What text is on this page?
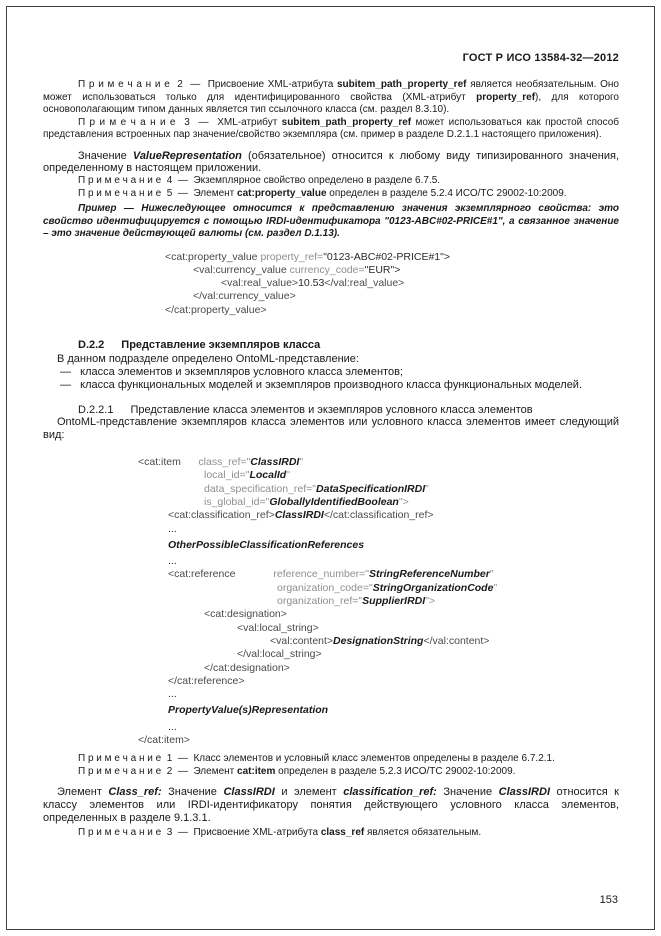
ГОСТ Р ИСО 13584-32—2012

П р и м е ч а н и е  2  —  Присвоение XML-атрибута subitem_path_property_ref является необязательным. Оно может использоваться только для идентифицированного свойства (XML-атрибут property_ref), для которого основополагающим типом данных является тип ссылочного класса (см. раздел 8.3.10).

П р и м е ч а н и е  3  —  XML-атрибут subitem_path_property_ref может использоваться как простой способ представления встроенных пар значение/свойство экземпляра (см. пример в разделе D.2.1.1 настоящего приложения).

Значение ValueRepresentation (обязательное) относится к любому виду типизированного значения, определенному в настоящем приложении.

П р и м е ч а н и е  4  —  Экземплярное свойство определено в разделе 6.7.5.

П р и м е ч а н и е  5  —  Элемент cat:property_value определен в разделе 5.2.4 ИСО/ТС 29002-10:2009.

Пример — Нижеследующее относится к представлению значения экземплярного свойства: это свойство идентифицируется с помощью IRDI-идентификатора "0123-ABC#02-PRICE#1", а связанное значение – это значение действующей валюты (см. раздел D.1.13).

<cat:property_value property_ref="0123-ABC#02-PRICE#1">
<val:currency_value currency_code="EUR">
<val:real_value>10.53</val:real_value>
</val:currency_value>
</cat:property_value>
D.2.2 Представление экземпляров класса

В данном подразделе определено OntoML-представление:

—   класса элементов и экземпляров условного класса элементов;

—   класса функциональных моделей и экземпляров производного класса функциональных моделей.

D.2.2.1 Представление класса элементов и экземпляров условного класса элементов

OntoML-представление экземпляров класса элементов или условного класса элементов имеет следующий вид:

<cat:item class_ref="ClassIRDI"
local_id="LocalId"
data_specification_ref="DataSpecificationIRDI"
is_global_id="GloballyIdentifiedBoolean">
<cat:classification_ref>ClassIRDI</cat:classification_ref>
...
OtherPossibleClassificationReferences
...
<cat:reference	reference_number="StringReferenceNumber"
organization_code="StringOrganizationCode"
organization_ref="SupplierIRDI">
<cat:designation>
<val:local_string>
<val:content>DesignationString</val:content>
</val:local_string>
</cat:designation>
</cat:reference>
...
PropertyValue(s)Representation
...
</cat:item>

П р и м е ч а н и е  1  —  Класс элементов и условный класс элементов определены в разделе 6.7.2.1.

П р и м е ч а н и е  2  —  Элемент cat:item определен в разделе 5.2.3 ИСО/ТС 29002-10:2009.

Элемент Class_ref: Значение ClassIRDI и элемент classification_ref: Значение ClassIRDI относится к классу элементов или IRDI-идентификатору понятия действующего условного класса элементов, определенных в разделе 9.1.3.1.

П р и м е ч а н и е  3  —  Присвоение XML-атрибута class_ref является обязательным.

153
